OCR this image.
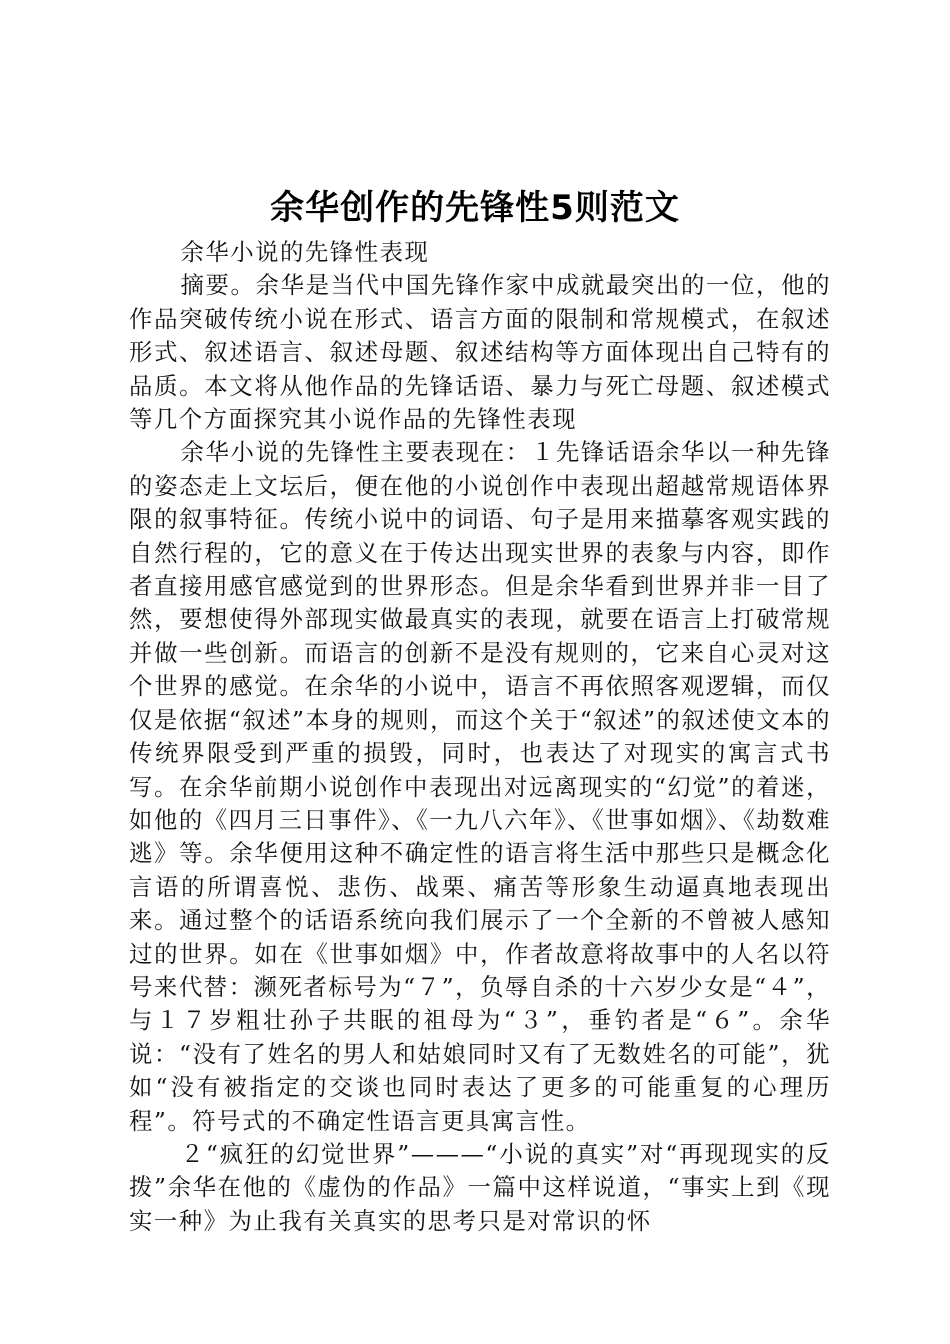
余华创作的先锋性5则范文

余华小说的先锋性表现

摘要。余华是当代中国先锋作家中成就最突出的一位，他的作品突破传统小说在形式、语言方面的限制和常规模式，在叙述形式、叙述语言、叙述母题、叙述结构等方面体现出自己特有的品质。本文将从他作品的先锋话语、暴力与死亡母题、叙述模式等几个方面探究其小说作品的先锋性表现

余华小说的先锋性主要表现在：１先锋话语余华以一种先锋的姿态走上文坛后，便在他的小说创作中表现出超越常规语体界限的叙事特征。传统小说中的词语、句子是用来描摹客观实践的自然行程的，它的意义在于传达出现实世界的表象与内容，即作者直接用感官感觉到的世界形态。但是余华看到世界并非一目了然，要想使得外部现实做最真实的表现，就要在语言上打破常规并做一些创新。而语言的创新不是没有规则的，它来自心灵对这个世界的感觉。在余华的小说中，语言不再依照客观逻辑，而仅仅是依据“叙述”本身的规则，而这个关于“叙述”的叙述使文本的传统界限受到严重的损毁，同时，也表达了对现实的寓言式书写。在余华前期小说创作中表现出对远离现实的“幻觉”的着迷，如他的《四月三日事件》、《一九八六年》、《世事如烟》、《劫数难逃》等。余华便用这种不确定性的语言将生活中那些只是概念化言语的所谓喜悦、悲伤、战栗、痛苦等形象生动逼真地表现出来。通过整个的话语系统向我们展示了一个全新的不曾被人感知过的世界。如在《世事如烟》中，作者故意将故事中的人名以符号来代替：濒死者标号为“７”，负辱自杀的十六岁少女是“４”，与１７岁粗壮孙子共眠的祖母为“３”，垂钓者是“６”。余华说：“没有了姓名的男人和姑娘同时又有了无数姓名的可能”，犹如“没有被指定的交谈也同时表达了更多的可能重复的心理历程”。符号式的不确定性语言更具寓言性。

２“疯狂的幻觉世界”———“小说的真实”对“再现现实的反拨”余华在他的《虚伪的作品》一篇中这样说道，“事实上到《现实一种》为止我有关真实的思考只是对常识的怀
